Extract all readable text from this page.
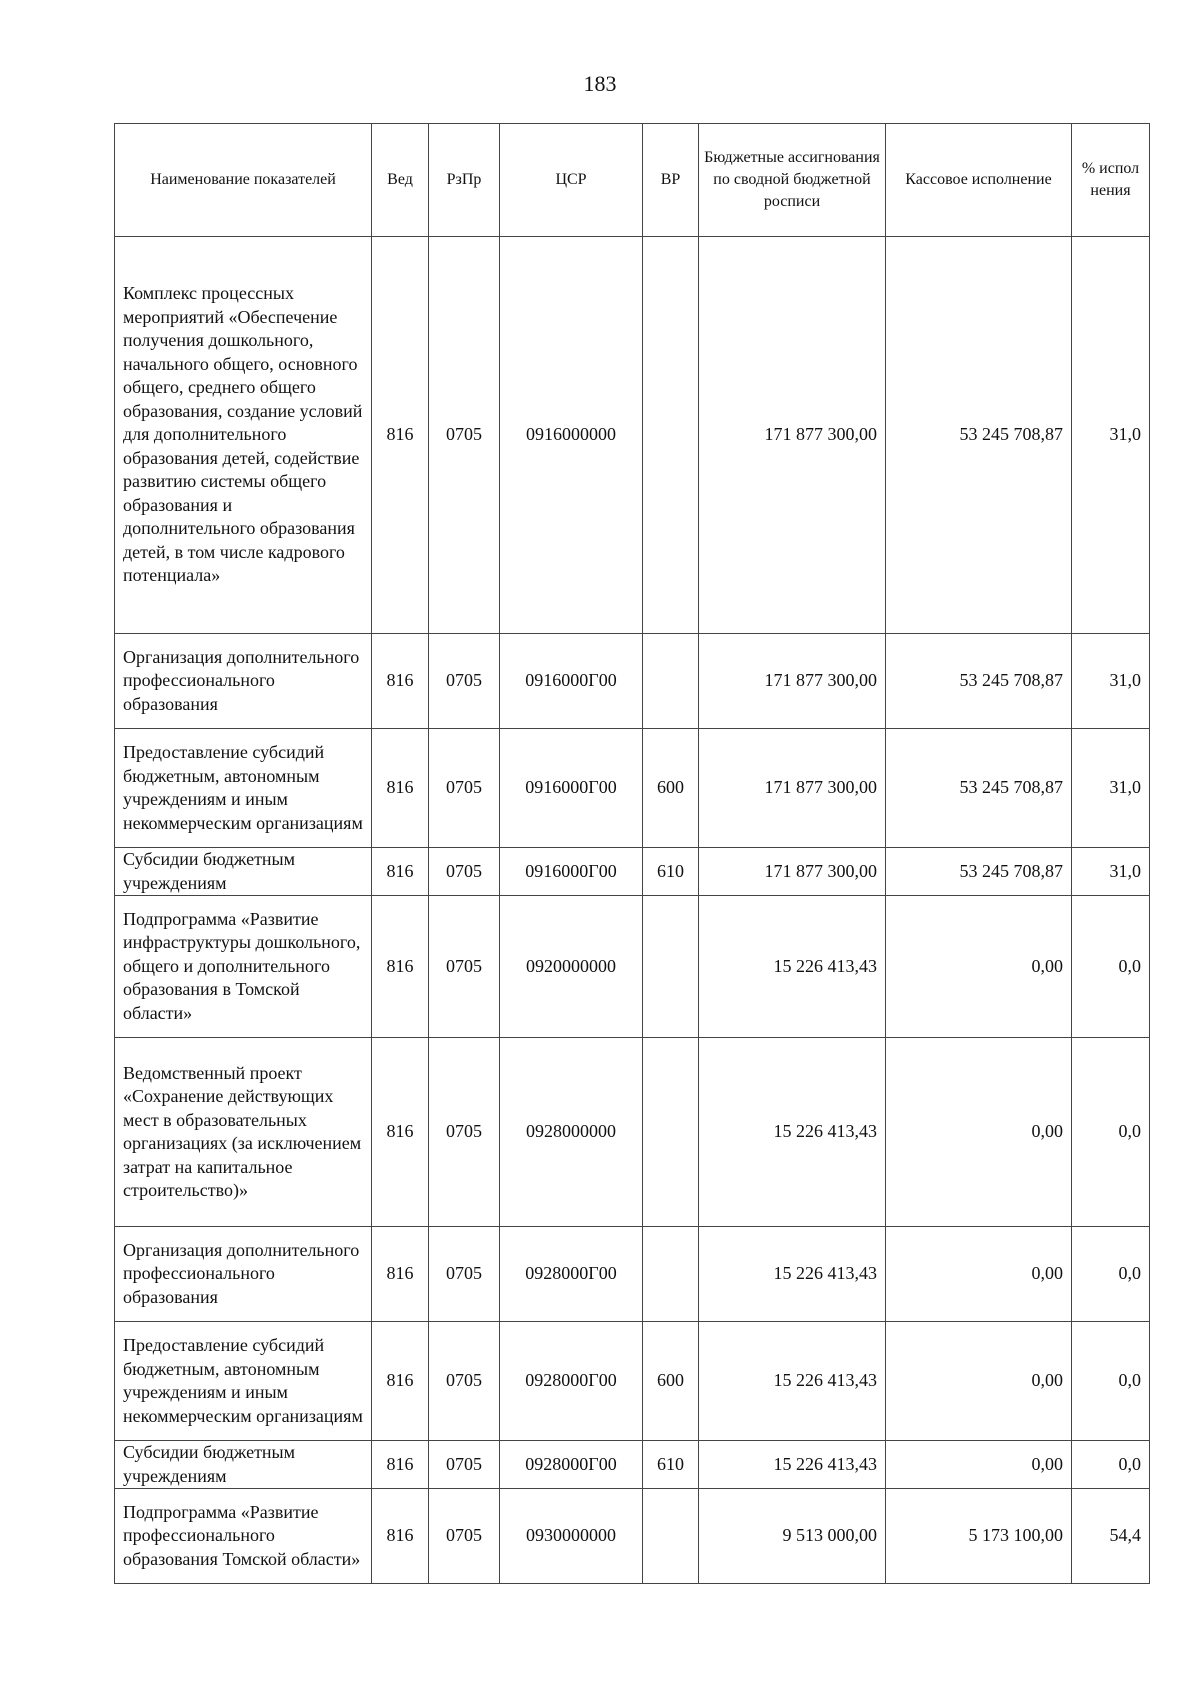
183
Наименование показателей	Вед	РзПр	ЦСР	ВР	Бюджетные ассигнования по сводной бюджетной росписи	Кассовое исполнение	% испол нения
Комплекс процессных мероприятий «Обеспечение получения дошкольного, начального общего, основного общего, среднего общего образования, создание условий для дополнительного образования детей, содействие развитию системы общего образования и дополнительного образования детей, в том числе кадрового потенциала»	816	0705	0916000000		171 877 300,00	53 245 708,87	31,0
Организация дополнительного профессионального образования	816	0705	0916000Г00		171 877 300,00	53 245 708,87	31,0
Предоставление субсидий бюджетным, автономным учреждениям и иным некоммерческим организациям	816	0705	0916000Г00	600	171 877 300,00	53 245 708,87	31,0
Субсидии бюджетным учреждениям	816	0705	0916000Г00	610	171 877 300,00	53 245 708,87	31,0
Подпрограмма «Развитие инфраструктуры дошкольного, общего и дополнительного образования в Томской области»	816	0705	0920000000		15 226 413,43	0,00	0,0
Ведомственный проект «Сохранение действующих мест в образовательных организациях (за исключением затрат на капитальное строительство)»	816	0705	0928000000		15 226 413,43	0,00	0,0
Организация дополнительного профессионального образования	816	0705	0928000Г00		15 226 413,43	0,00	0,0
Предоставление субсидий бюджетным, автономным учреждениям и иным некоммерческим организациям	816	0705	0928000Г00	600	15 226 413,43	0,00	0,0
Субсидии бюджетным учреждениям	816	0705	0928000Г00	610	15 226 413,43	0,00	0,0
Подпрограмма «Развитие профессионального образования Томской области»	816	0705	0930000000		9 513 000,00	5 173 100,00	54,4
